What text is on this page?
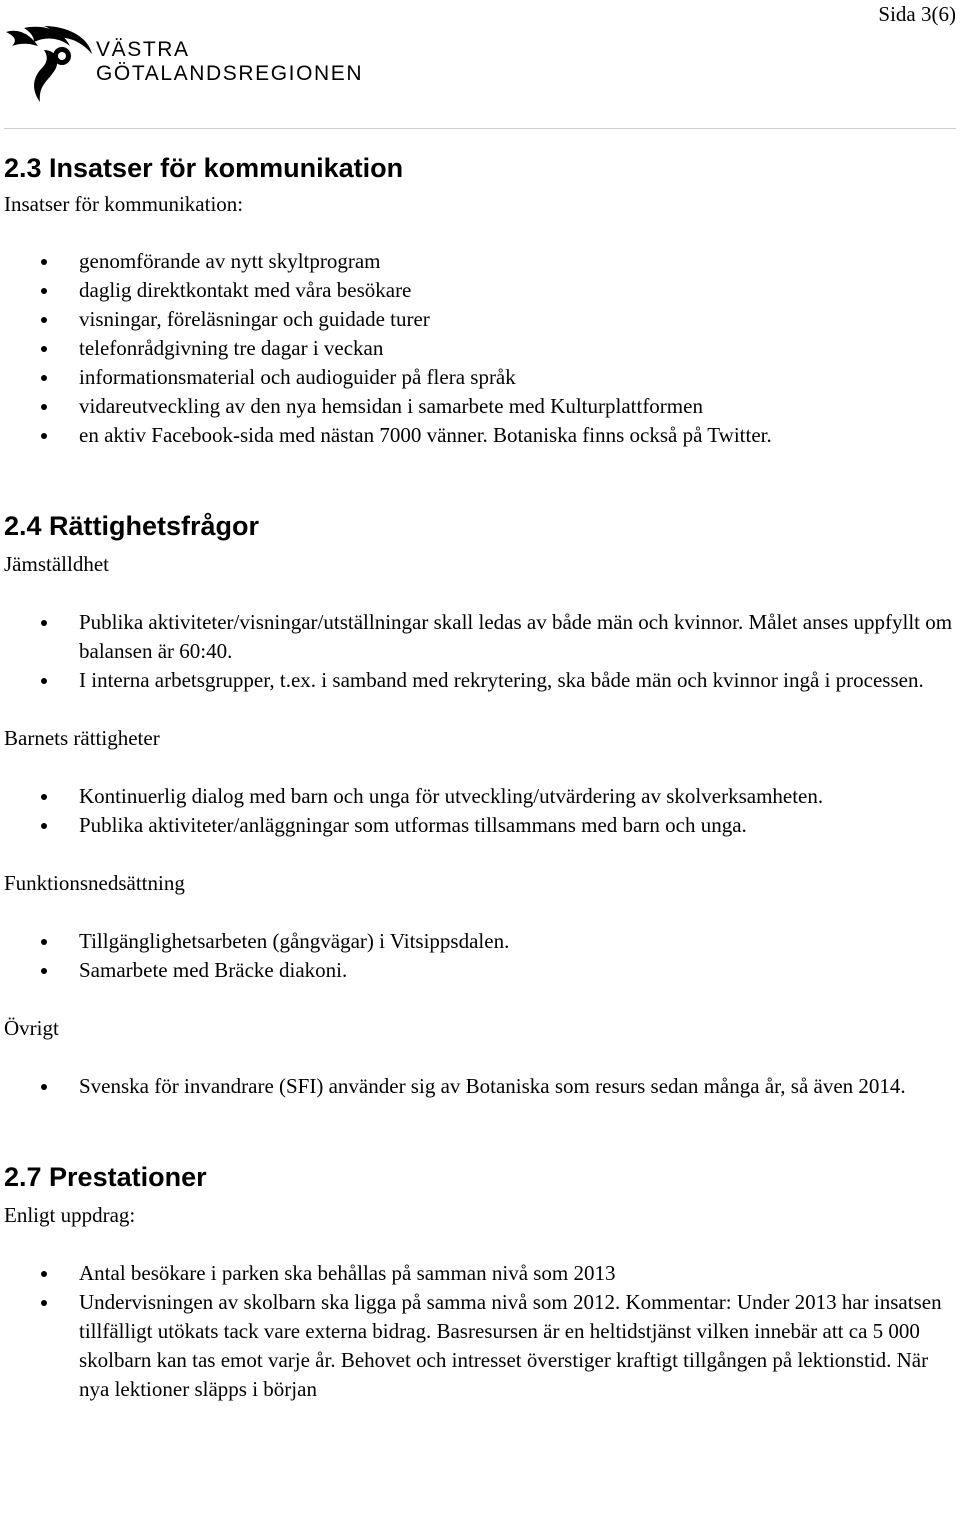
Sida 3(6)
VÄSTRA
GÖTALANDSREGIONEN
2.3 Insatser för kommunikation

Insatser för kommunikation:

genomförande av nytt skyltprogram
daglig direktkontakt med våra besökare
visningar, föreläsningar och guidade turer
telefonrådgivning tre dagar i veckan
informationsmaterial och audioguider på flera språk
vidareutveckling av den nya hemsidan i samarbete med Kulturplattformen
en aktiv Facebook-sida med nästan 7000 vänner. Botaniska finns också på Twitter.
2.4 Rättighetsfrågor

Jämställdhet

Publika aktiviteter/visningar/utställningar skall ledas av både män och kvinnor. Målet anses uppfyllt om balansen är 60:40.
I interna arbetsgrupper, t.ex. i samband med rekrytering, ska både män och kvinnor ingå i processen.

Barnets rättigheter

Kontinuerlig dialog med barn och unga för utveckling/utvärdering av skolverksamheten.
Publika aktiviteter/anläggningar som utformas tillsammans med barn och unga.

Funktionsnedsättning

Tillgänglighetsarbeten (gångvägar) i Vitsippsdalen.
Samarbete med Bräcke diakoni.

Övrigt

Svenska för invandrare (SFI) använder sig av Botaniska som resurs sedan många år, så även 2014.
2.7 Prestationer

Enligt uppdrag:

Antal besökare i parken ska behållas på samman nivå som 2013
Undervisningen av skolbarn ska ligga på samma nivå som 2012. Kommentar: Under 2013 har insatsen tillfälligt utökats tack vare externa bidrag. Basresursen är en heltidstjänst vilken innebär att ca 5 000 skolbarn kan tas emot varje år. Behovet och intresset överstiger kraftigt tillgången på lektionstid. När nya lektioner släpps i början
